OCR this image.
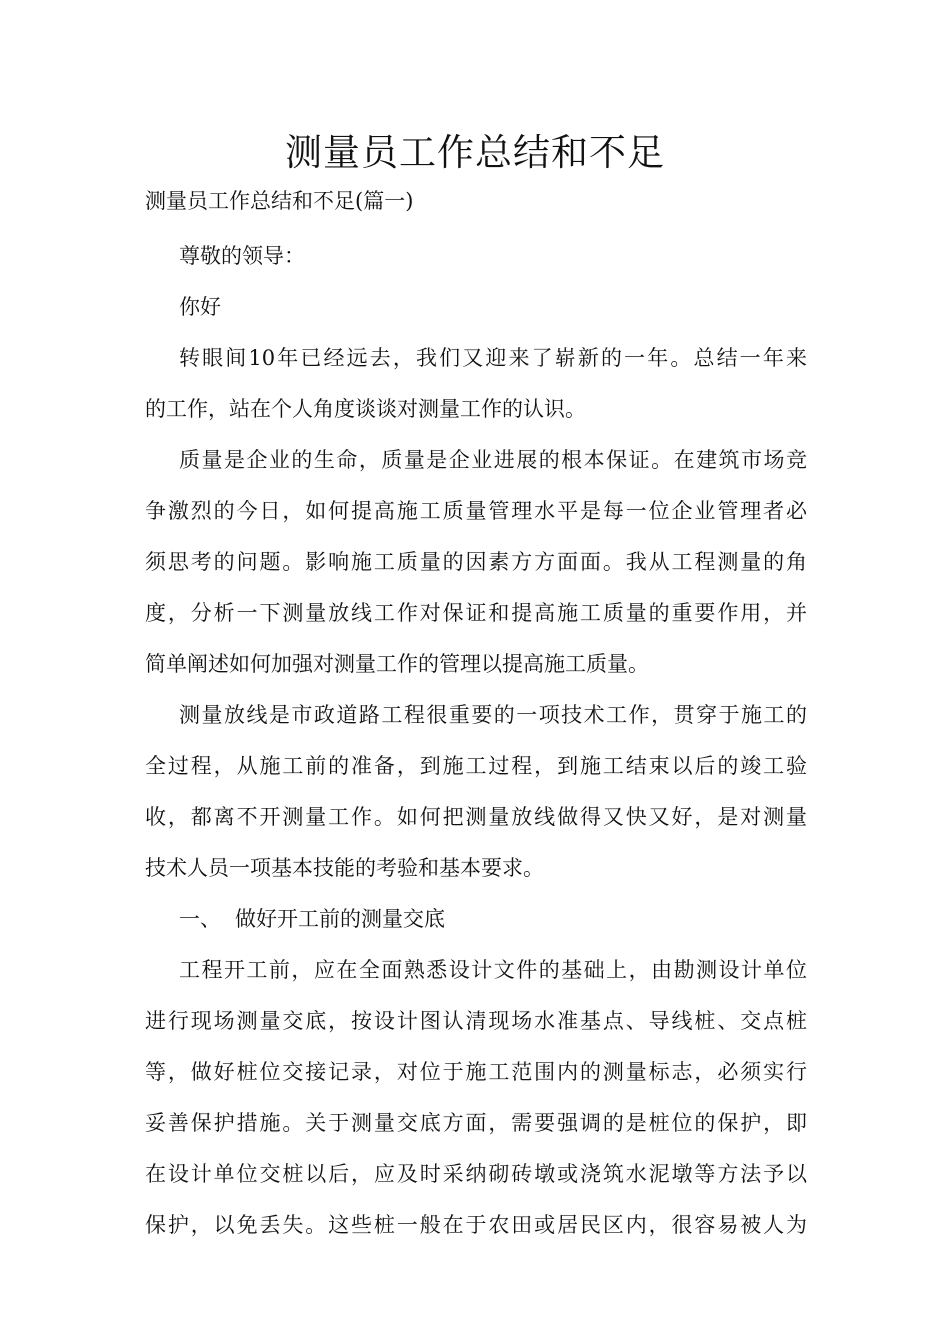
测量员工作总结和不足

测量员工作总结和不足(篇一)

尊敬的领导：
你好
转眼间10年已经远去，我们又迎来了崭新的一年。总结一年来
的工作，站在个人角度谈谈对测量工作的认识。
质量是企业的生命，质量是企业进展的根本保证。在建筑市场竞
争激烈的今日，如何提高施工质量管理水平是每一位企业管理者必
须思考的问题。影响施工质量的因素方方面面。我从工程测量的角
度，分析一下测量放线工作对保证和提高施工质量的重要作用，并
简单阐述如何加强对测量工作的管理以提高施工质量。
测量放线是市政道路工程很重要的一项技术工作，贯穿于施工的
全过程，从施工前的准备，到施工过程，到施工结束以后的竣工验
收，都离不开测量工作。如何把测量放线做得又快又好，是对测量
技术人员一项基本技能的考验和基本要求。
一、 做好开工前的测量交底
工程开工前，应在全面熟悉设计文件的基础上，由勘测设计单位
进行现场测量交底，按设计图认清现场水准基点、导线桩、交点桩
等，做好桩位交接记录，对位于施工范围内的测量标志，必须实行
妥善保护措施。关于测量交底方面，需要强调的是桩位的保护，即
在设计单位交桩以后，应及时采纳砌砖墩或浇筑水泥墩等方法予以
保护，以免丢失。这些桩一般在于农田或居民区内，很容易被人为
